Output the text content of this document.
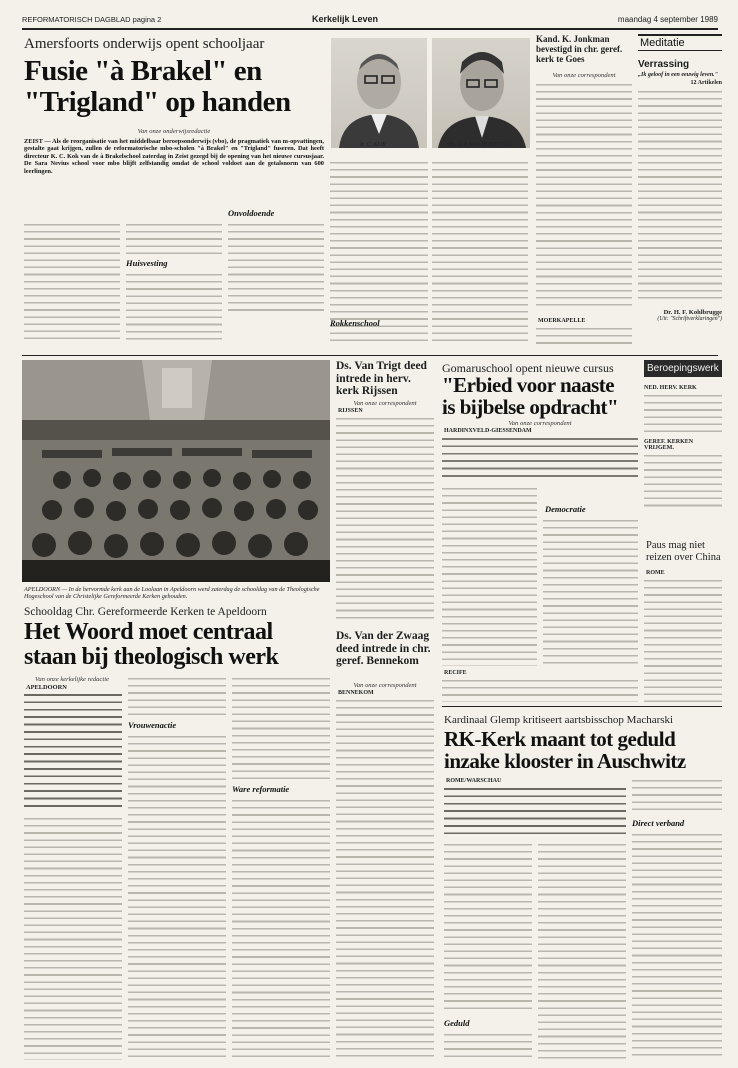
REFORMATORISCH DAGBLAD pagina 2	Kerkelijk Leven	maandag 4 september 1989
Amersfoorts onderwijs opent schooljaar
Fusie "à Brakel" en
"Trigland" op handen
Van onze onderwijsredactie
ZEIST — Als de reorganisatie van het middelbaar beroepsonderwijs (vbo), de pragmatiek van m-opvattingen, gestalte gaat krijgen, zullen de reformatorische mbo-scholen "à Brakel" en "Trigland" fuseren. Dat heeft directeur K. C. Kok van de à Brakelschool zaterdag in Zeist gezegd bij de opening van het nieuwe cursusjaar. De Sara Nevius school voor mbo blijft zelfstandig omdat de school voldoet aan de getalsnorm van 600 leerlingen.
Huisvesting
Onvoldoende
Rokkenschool
Ir. C. KOK	Ds. J. J. VAN ECKEVELD
Kand. K. Jonkman bevestigd in chr. geref. kerk te Goes
Van onze correspondent
MOERKAPELLE
Meditatie
Verrassing
„Ik geloof in een eeuwig leven."
12 Artikelen
Dr. H. F. Kohlbrugge
(Uit: "Schriftverklaringen")
APELDOORN — In de hervormde kerk aan de Loolaan in Apeldoorn werd zaterdag de schooldag van de Theologische Hogeschool van de Christelijke Gereformeerde Kerken gehouden.
Ds. Van Trigt deed intrede in herv. kerk Rijssen
Van onze correspondent
RIJSSEN
Gomaruschool opent nieuwe cursus
"Erbied voor naaste
is bijbelse opdracht"
Van onze correspondent
HARDINXVELD-GIESSENDAM
Democratie
RECIFE
Beroepingswerk
NED. HERV. KERK
GEREF. KERKEN VRIJGEM.
Paus mag niet reizen over China
ROME
Schooldag Chr. Gereformeerde Kerken te Apeldoorn
Het Woord moet centraal
staan bij theologisch werk
Van onze kerkelijke redactie
APELDOORN
Vrouwenactie
Ware reformatie
Ds. Van der Zwaag deed intrede in chr. geref. Bennekom
Van onze correspondent
BENNEKOM
Kardinaal Glemp kritiseert aartsbisschop Macharski
RK-Kerk maant tot geduld
inzake klooster in Auschwitz
ROME/WARSCHAU
Geduld
Direct verband
